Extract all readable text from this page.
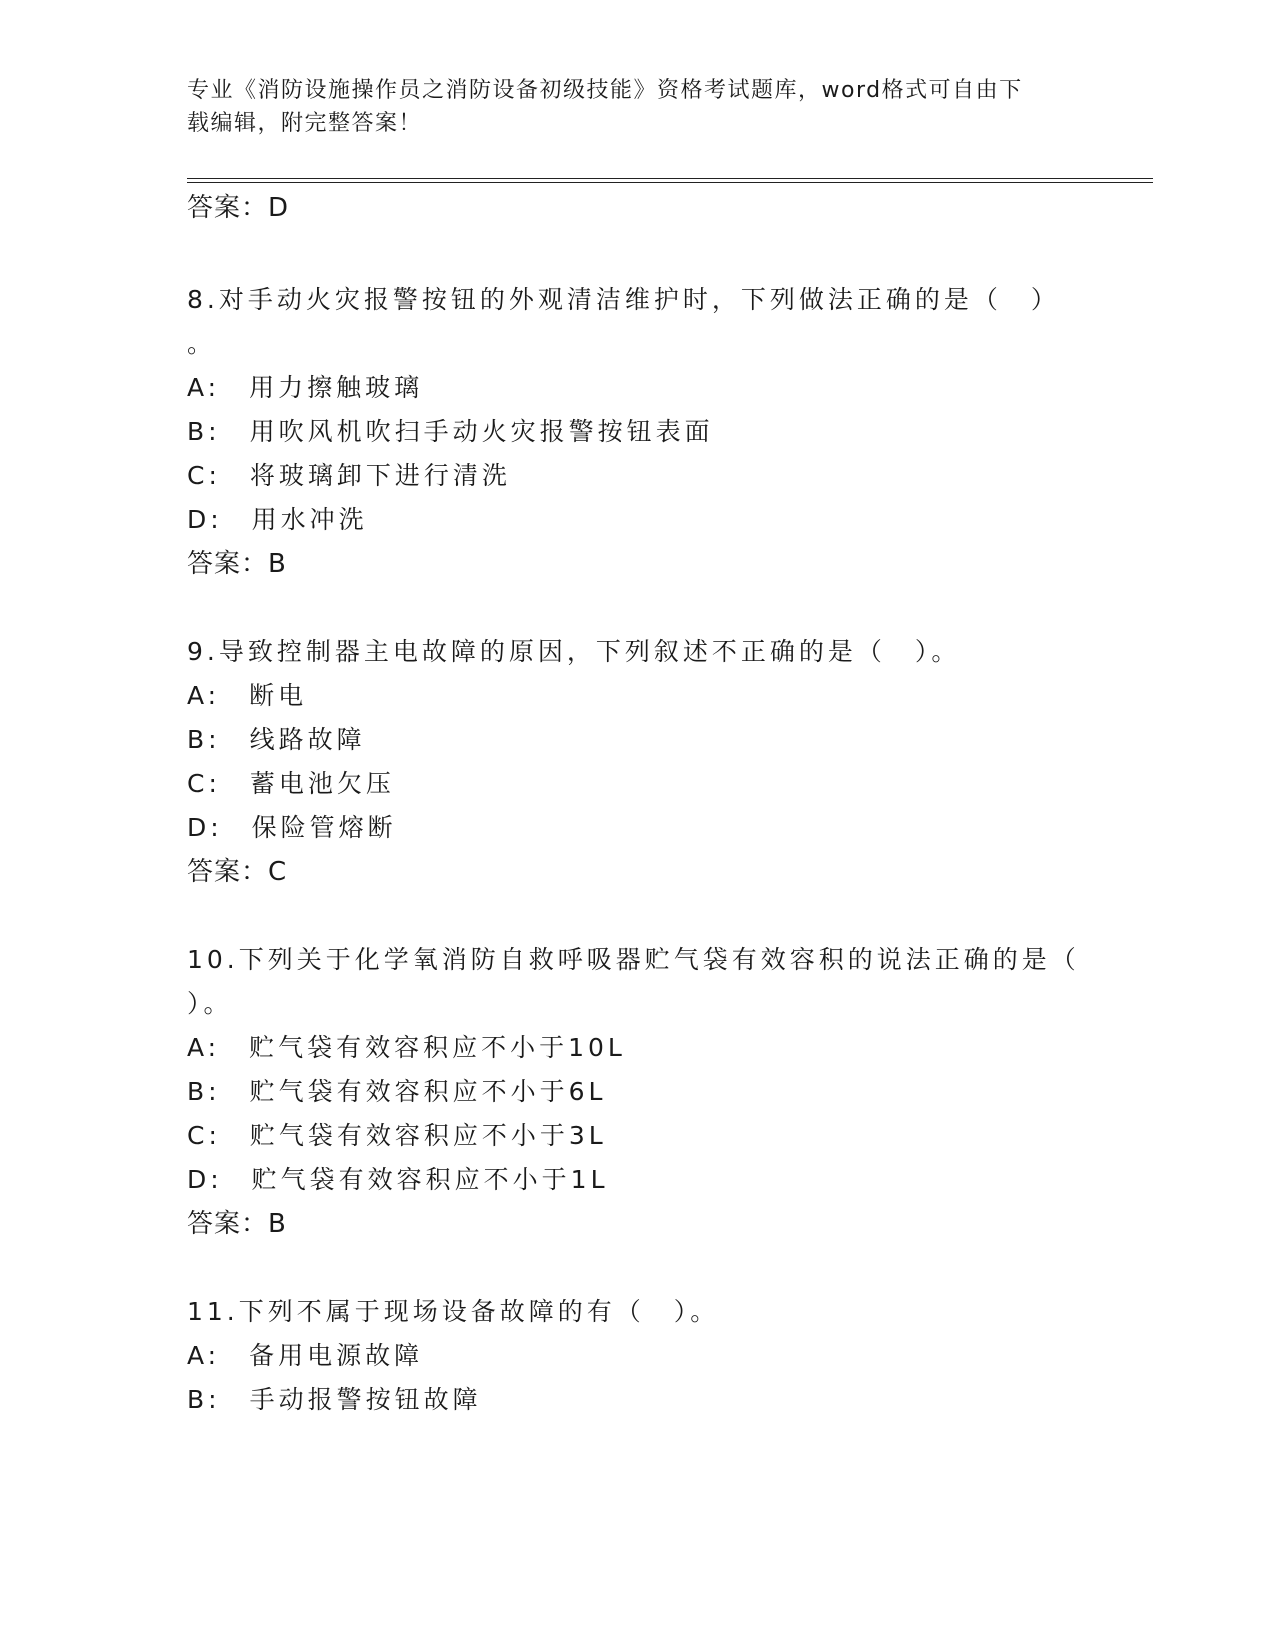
专业《消防设施操作员之消防设备初级技能》资格考试题库，word格式可自由下
载编辑，附完整答案！
答案：D
8.对手动火灾报警按钮的外观清洁维护时，下列做法正确的是（　）
。
A:　用力擦触玻璃
B:　用吹风机吹扫手动火灾报警按钮表面
C:　将玻璃卸下进行清洗
D:　用水冲洗
答案：B
9.导致控制器主电故障的原因，下列叙述不正确的是（　）。
A:　断电
B:　线路故障
C:　蓄电池欠压
D:　保险管熔断
答案：C
10.下列关于化学氧消防自救呼吸器贮气袋有效容积的说法正确的是（
）。
A:　贮气袋有效容积应不小于10L
B:　贮气袋有效容积应不小于6L
C:　贮气袋有效容积应不小于3L
D:　贮气袋有效容积应不小于1L
答案：B
11.下列不属于现场设备故障的有（　）。
A:　备用电源故障
B:　手动报警按钮故障
